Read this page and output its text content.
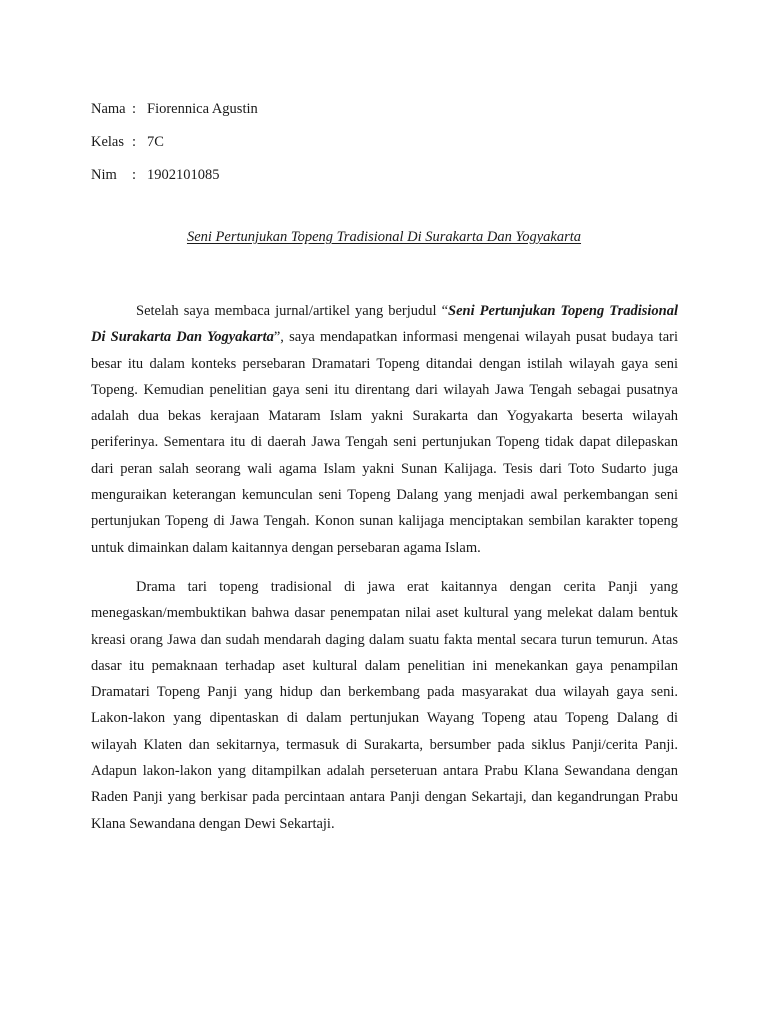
Nama : Fiorennica Agustin
Kelas : 7C
Nim	: 1902101085
Seni Pertunjukan Topeng Tradisional Di Surakarta Dan Yogyakarta

Setelah saya membaca jurnal/artikel yang berjudul “Seni Pertunjukan Topeng Tradisional Di Surakarta Dan Yogyakarta”, saya mendapatkan informasi mengenai wilayah pusat budaya tari besar itu dalam konteks persebaran Dramatari Topeng ditandai dengan istilah wilayah gaya seni Topeng. Kemudian penelitian gaya seni itu direntang dari wilayah Jawa Tengah sebagai pusatnya adalah dua bekas kerajaan Mataram Islam yakni Surakarta dan Yogyakarta beserta wilayah periferinya. Sementara itu di daerah Jawa Tengah seni pertunjukan Topeng tidak dapat dilepaskan dari peran salah seorang wali agama Islam yakni Sunan Kalijaga. Tesis dari Toto Sudarto juga menguraikan keterangan kemunculan seni Topeng Dalang yang menjadi awal perkembangan seni pertunjukan Topeng di Jawa Tengah. Konon sunan kalijaga menciptakan sembilan karakter topeng untuk dimainkan dalam kaitannya dengan persebaran agama Islam.

Drama tari topeng tradisional di jawa erat kaitannya dengan cerita Panji yang menegaskan/membuktikan bahwa dasar penempatan nilai aset kultural yang melekat dalam bentuk kreasi orang Jawa dan sudah mendarah daging dalam suatu fakta mental secara turun temurun. Atas dasar itu pemaknaan terhadap aset kultural dalam penelitian ini menekankan gaya penampilan Dramatari Topeng Panji yang hidup dan berkembang pada masyarakat dua wilayah gaya seni. Lakon-lakon yang dipentaskan di dalam pertunjukan Wayang Topeng atau Topeng Dalang di wilayah Klaten dan sekitarnya, termasuk di Surakarta, bersumber pada siklus Panji/cerita Panji. Adapun lakon-lakon yang ditampilkan adalah perseteruan antara Prabu Klana Sewandana dengan Raden Panji yang berkisar pada percintaan antara Panji dengan Sekartaji, dan kegandrungan Prabu Klana Sewandana dengan Dewi Sekartaji.
